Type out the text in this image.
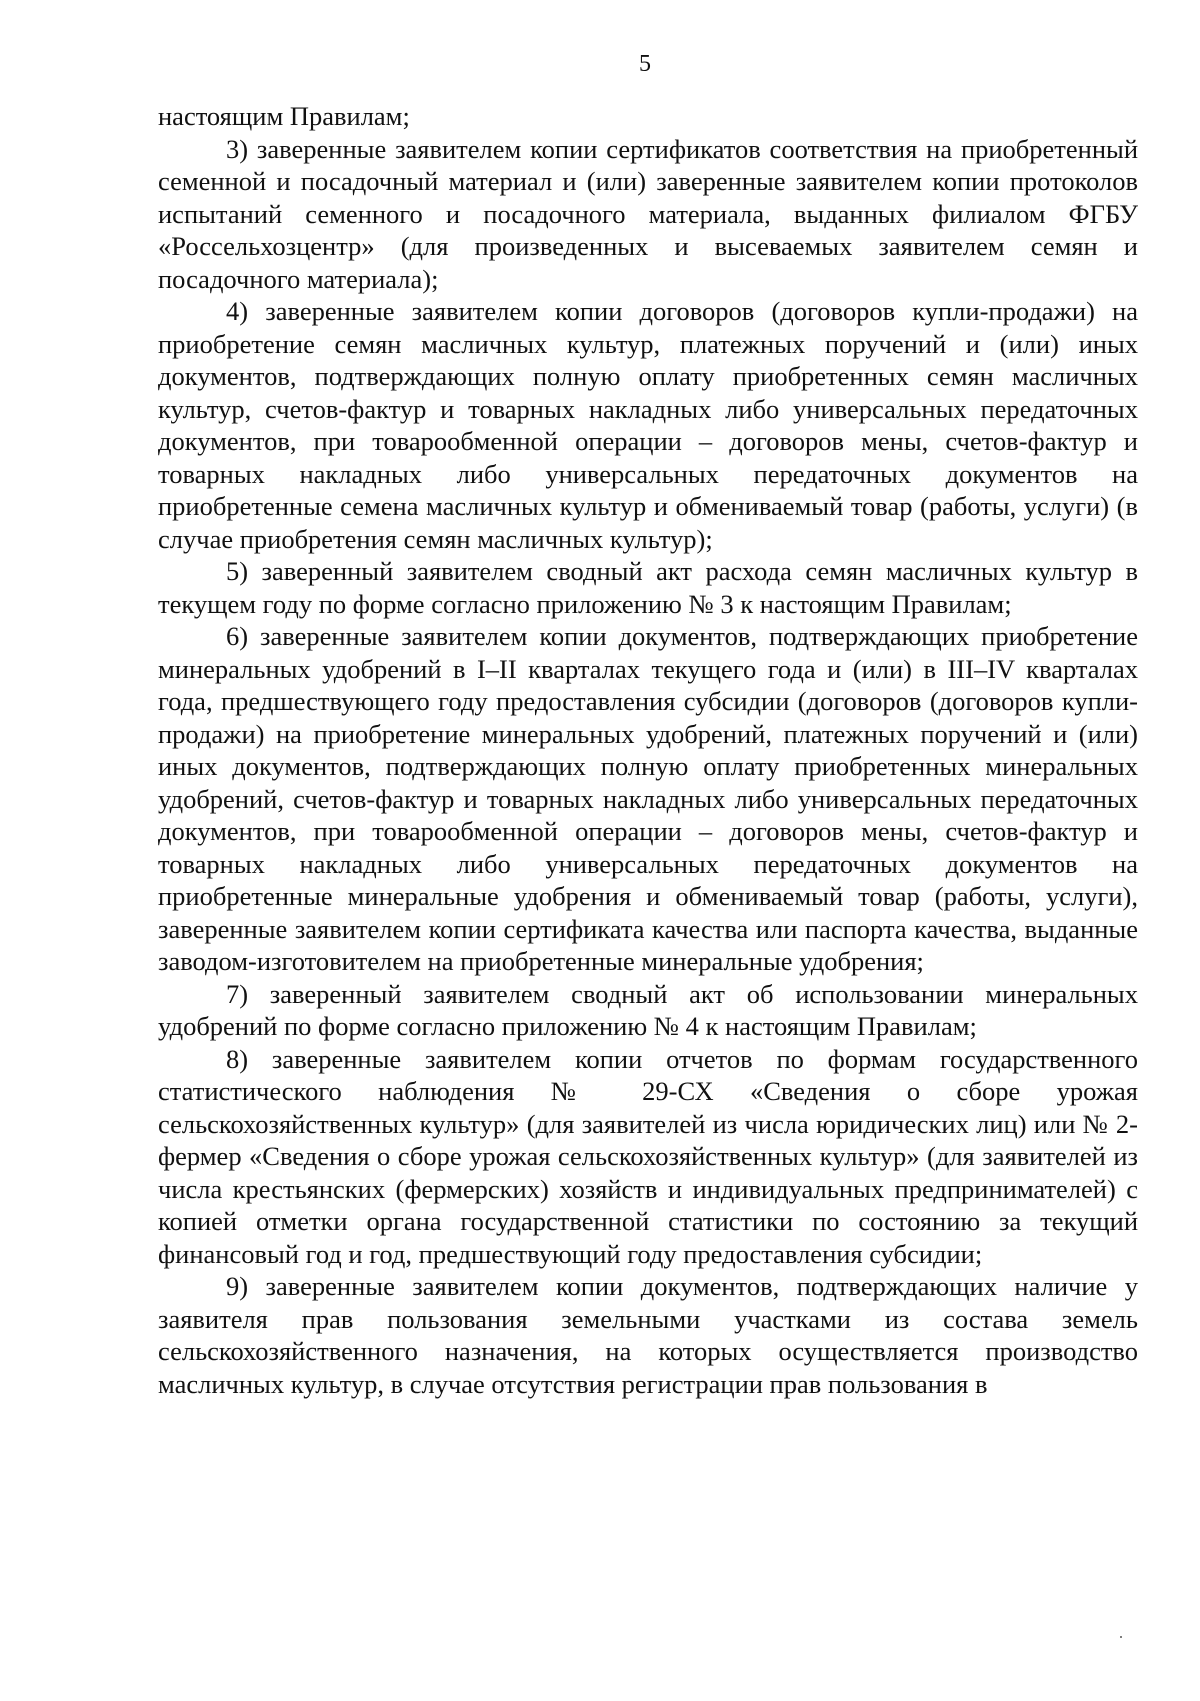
5

настоящим Правилам;

3) заверенные заявителем копии сертификатов соответствия на приобретенный семенной и посадочный материал и (или) заверенные заявителем копии протоколов испытаний семенного и посадочного материала, выданных филиалом ФГБУ «Россельхозцентр» (для произведенных и высеваемых заявителем семян и посадочного материала);

4) заверенные заявителем копии договоров (договоров купли-продажи) на приобретение семян масличных культур, платежных поручений и (или) иных документов, подтверждающих полную оплату приобретенных семян масличных культур, счетов-фактур и товарных накладных либо универсальных передаточных документов, при товарообменной операции – договоров мены, счетов-фактур и товарных накладных либо универсальных передаточных документов на приобретенные семена масличных культур и обмениваемый товар (работы, услуги) (в случае приобретения семян масличных культур);

5) заверенный заявителем сводный акт расхода семян масличных культур в текущем году по форме согласно приложению № 3 к настоящим Правилам;

6) заверенные заявителем копии документов, подтверждающих приобретение минеральных удобрений в I–II кварталах текущего года и (или) в III–IV кварталах года, предшествующего году предоставления субсидии (договоров (договоров купли-продажи) на приобретение минеральных удобрений, платежных поручений и (или) иных документов, подтверждающих полную оплату приобретенных минеральных удобрений, счетов-фактур и товарных накладных либо универсальных передаточных документов, при товарообменной операции – договоров мены, счетов-фактур и товарных накладных либо универсальных передаточных документов на приобретенные минеральные удобрения и обмениваемый товар (работы, услуги), заверенные заявителем копии сертификата качества или паспорта качества, выданные заводом-изготовителем на приобретенные минеральные удобрения;

7) заверенный заявителем сводный акт об использовании минеральных удобрений по форме согласно приложению № 4 к настоящим Правилам;

8) заверенные заявителем копии отчетов по формам государственного статистического наблюдения № 29-СХ «Сведения о сборе урожая сельскохозяйственных культур» (для заявителей из числа юридических лиц) или № 2-фермер «Сведения о сборе урожая сельскохозяйственных культур» (для заявителей из числа крестьянских (фермерских) хозяйств и индивидуальных предпринимателей) с копией отметки органа государственной статистики по состоянию за текущий финансовый год и год, предшествующий году предоставления субсидии;

9) заверенные заявителем копии документов, подтверждающих наличие у заявителя прав пользования земельными участками из состава земель сельскохозяйственного назначения, на которых осуществляется производство масличных культур, в случае отсутствия регистрации прав пользования в
